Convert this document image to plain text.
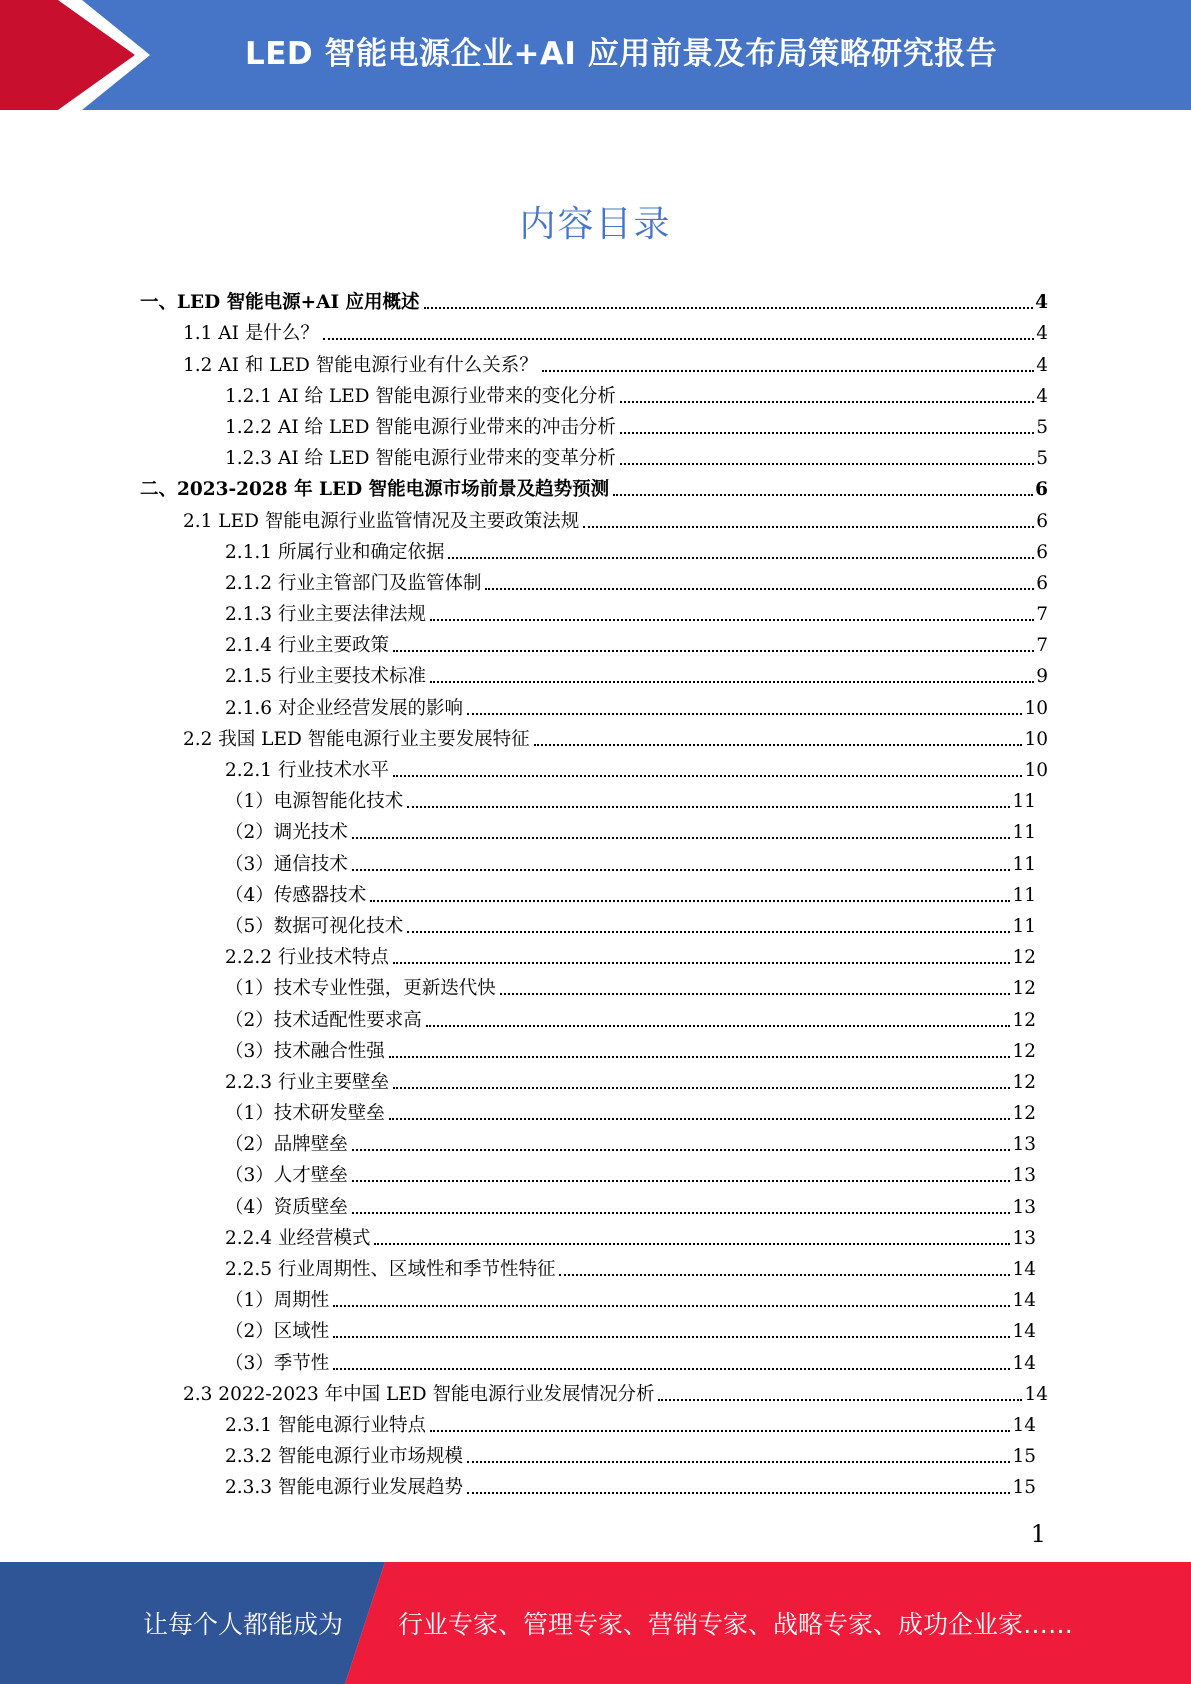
LED 智能电源企业+AI 应用前景及布局策略研究报告
内容目录
一、LED 智能电源+AI 应用概述	4
1.1 AI 是什么？	4
1.2 AI 和 LED 智能电源行业有什么关系？	4
1.2.1 AI 给 LED 智能电源行业带来的变化分析	4
1.2.2 AI 给 LED 智能电源行业带来的冲击分析	5
1.2.3 AI 给 LED 智能电源行业带来的变革分析	5
二、2023-2028 年 LED 智能电源市场前景及趋势预测	6
2.1 LED 智能电源行业监管情况及主要政策法规	6
2.1.1 所属行业和确定依据	6
2.1.2 行业主管部门及监管体制	6
2.1.3 行业主要法律法规	7
2.1.4 行业主要政策	7
2.1.5 行业主要技术标准	9
2.1.6 对企业经营发展的影响	10
2.2 我国 LED 智能电源行业主要发展特征	10
2.2.1 行业技术水平	10
（1）电源智能化技术	11
（2）调光技术	11
（3）通信技术	11
（4）传感器技术	11
（5）数据可视化技术	11
2.2.2 行业技术特点	12
（1）技术专业性强，更新迭代快	12
（2）技术适配性要求高	12
（3）技术融合性强	12
2.2.3 行业主要壁垒	12
（1）技术研发壁垒	12
（2）品牌壁垒	13
（3）人才壁垒	13
（4）资质壁垒	13
2.2.4 业经营模式	13
2.2.5 行业周期性、区域性和季节性特征	14
（1）周期性	14
（2）区域性	14
（3）季节性	14
2.3 2022-2023 年中国 LED 智能电源行业发展情况分析	14
2.3.1 智能电源行业特点	14
2.3.2 智能电源行业市场规模	15
2.3.3 智能电源行业发展趋势	15
1
让每个人都能成为 行业专家、管理专家、营销专家、战略专家、成功企业家……
